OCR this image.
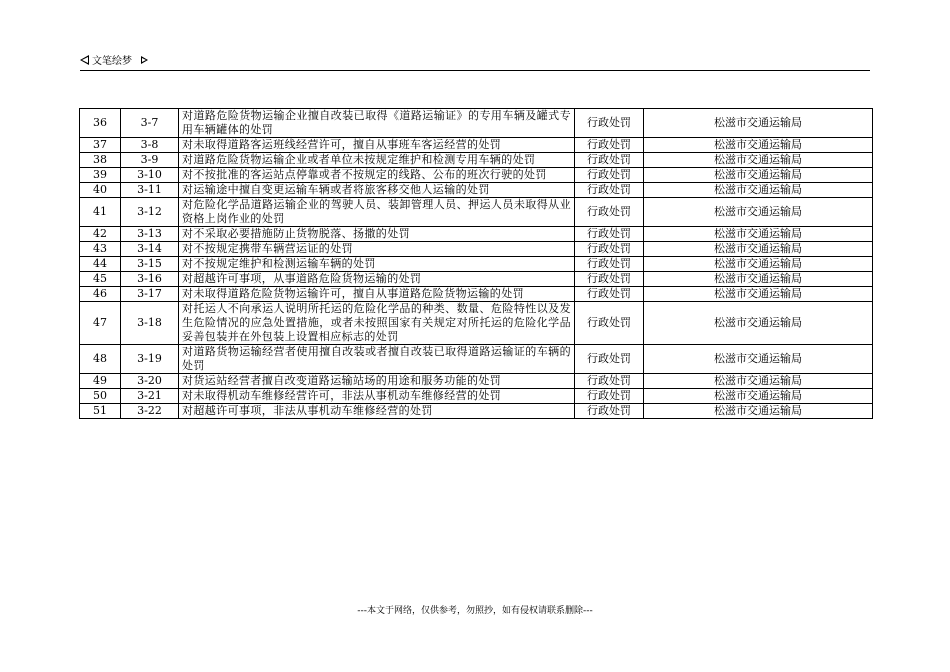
文笔绘梦
36	3-7	对道路危险货物运输企业擅自改装已取得《道路运输证》的专用车辆及罐式专用车辆罐体的处罚	行政处罚	松滋市交通运输局
37	3-8	对未取得道路客运班线经营许可，擅自从事班车客运经营的处罚	行政处罚	松滋市交通运输局
38	3-9	对道路危险货物运输企业或者单位未按规定维护和检测专用车辆的处罚	行政处罚	松滋市交通运输局
39	3-10	对不按批准的客运站点停靠或者不按规定的线路、公布的班次行驶的处罚	行政处罚	松滋市交通运输局
40	3-11	对运输途中擅自变更运输车辆或者将旅客移交他人运输的处罚	行政处罚	松滋市交通运输局
41	3-12	对危险化学品道路运输企业的驾驶人员、装卸管理人员、押运人员未取得从业资格上岗作业的处罚	行政处罚	松滋市交通运输局
42	3-13	对不采取必要措施防止货物脱落、扬撒的处罚	行政处罚	松滋市交通运输局
43	3-14	对不按规定携带车辆营运证的处罚	行政处罚	松滋市交通运输局
44	3-15	对不按规定维护和检测运输车辆的处罚	行政处罚	松滋市交通运输局
45	3-16	对超越许可事项，从事道路危险货物运输的处罚	行政处罚	松滋市交通运输局
46	3-17	对未取得道路危险货物运输许可，擅自从事道路危险货物运输的处罚	行政处罚	松滋市交通运输局
47	3-18	对托运人不向承运人说明所托运的危险化学品的种类、数量、危险特性以及发生危险情况的应急处置措施，或者未按照国家有关规定对所托运的危险化学品妥善包装并在外包装上设置相应标志的处罚	行政处罚	松滋市交通运输局
48	3-19	对道路货物运输经营者使用擅自改装或者擅自改装已取得道路运输证的车辆的处罚	行政处罚	松滋市交通运输局
49	3-20	对货运站经营者擅自改变道路运输站场的用途和服务功能的处罚	行政处罚	松滋市交通运输局
50	3-21	对未取得机动车维修经营许可，非法从事机动车维修经营的处罚	行政处罚	松滋市交通运输局
51	3-22	对超越许可事项，非法从事机动车维修经营的处罚	行政处罚	松滋市交通运输局
---本文于网络，仅供参考，勿照抄，如有侵权请联系删除---
